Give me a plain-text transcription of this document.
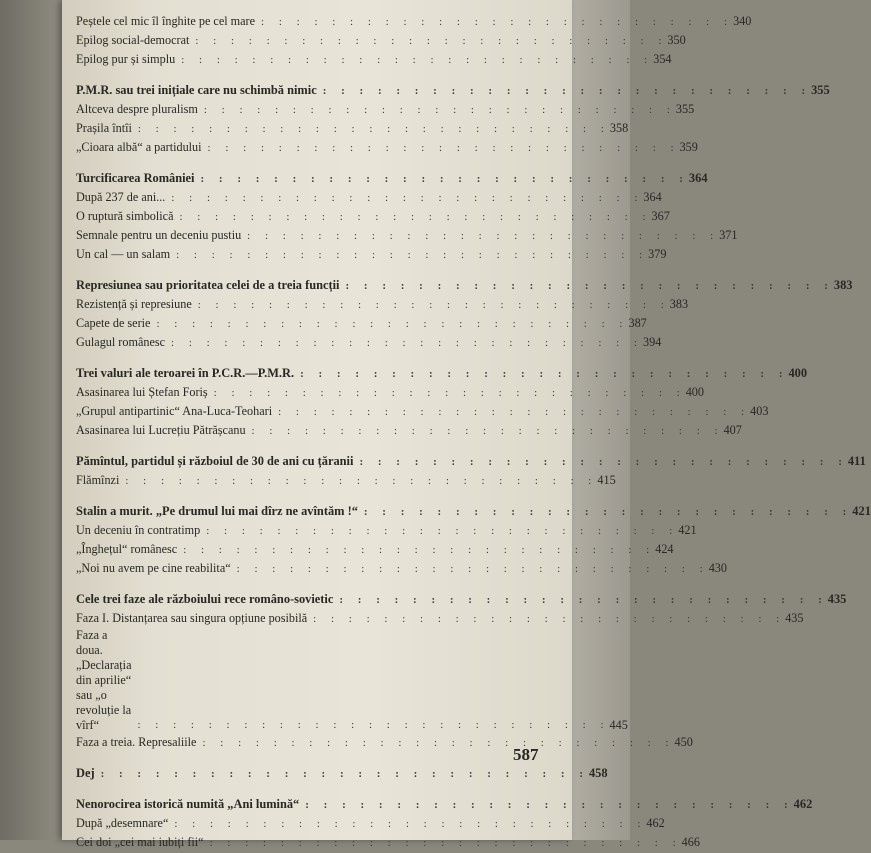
Peștele cel mic îl înghite pe cel mare : : : : : : : : : : : : : : : : : : : : : : : : : : : 340
Epilog social-democrat : : : : : : : : : : : : : : : : : : : : : : : : : : : 350
Epilog pur și simplu : : : : : : : : : : : : : : : : : : : : : : : : : : : 354
P.M.R. sau trei inițiale care nu schimbă nimic : : : : : : : : : : : : : : : : : : : : : : : : : : : 355
Altceva despre pluralism : : : : : : : : : : : : : : : : : : : : : : : : : : : 355
Prașila întîi : : : : : : : : : : : : : : : : : : : : : : : : : : : 358
„Cioara albă“ a partidului : : : : : : : : : : : : : : : : : : : : : : : : : : : 359
Turcificarea României : : : : : : : : : : : : : : : : : : : : : : : : : : : 364
După 237 de ani... : : : : : : : : : : : : : : : : : : : : : : : : : : : 364
O ruptură simbolică : : : : : : : : : : : : : : : : : : : : : : : : : : : 367
Semnale pentru un deceniu pustiu : : : : : : : : : : : : : : : : : : : : : : : : : : : 371
Un cal — un salam : : : : : : : : : : : : : : : : : : : : : : : : : : : 379
Represiunea sau prioritatea celei de a treia funcții : : : : : : : : : : : : : : : : : : : : : : : : : : : 383
Rezistență și represiune : : : : : : : : : : : : : : : : : : : : : : : : : : : 383
Capete de serie : : : : : : : : : : : : : : : : : : : : : : : : : : : 387
Gulagul românesc : : : : : : : : : : : : : : : : : : : : : : : : : : : 394
Trei valuri ale teroarei în P.C.R.—P.M.R. : : : : : : : : : : : : : : : : : : : : : : : : : : : 400
Asasinarea lui Ștefan Foriș : : : : : : : : : : : : : : : : : : : : : : : : : : : 400
„Grupul antipartinic“ Ana-Luca-Teohari : : : : : : : : : : : : : : : : : : : : : : : : : : : 403
Asasinarea lui Lucrețiu Pătrășcanu : : : : : : : : : : : : : : : : : : : : : : : : : : : 407
Pămîntul, partidul și războiul de 30 de ani cu țăranii : : : : : : : : : : : : : : : : : : : : : : : : : : : 411
Flămînzi : : : : : : : : : : : : : : : : : : : : : : : : : : : 415
Stalin a murit. „Pe drumul lui mai dîrz ne avîntăm !“ : : : : : : : : : : : : : : : : : : : : : : : : : : : 421
Un deceniu în contratimp : : : : : : : : : : : : : : : : : : : : : : : : : : : 421
„Înghețul“ românesc : : : : : : : : : : : : : : : : : : : : : : : : : : : 424
„Noi nu avem pe cine reabilita“ : : : : : : : : : : : : : : : : : : : : : : : : : : : 430
Cele trei faze ale războiului rece româno-sovietic : : : : : : : : : : : : : : : : : : : : : : : : : : : 435
Faza I. Distanțarea sau singura opțiune posibilă : : : : : : : : : : : : : : : : : : : : : : : : : : : 435
Faza a doua. „Declarația din aprilie“ sau „o revoluție la vîrf“	: : : : : : : : : : : : : : : : : : : : : : : : : : : 445
Faza a treia. Represaliile : : : : : : : : : : : : : : : : : : : : : : : : : : : 450
Dej : : : : : : : : : : : : : : : : : : : : : : : : : : : 458
Nenorocirea istorică numită „Ani lumină“ : : : : : : : : : : : : : : : : : : : : : : : : : : : 462
După „desemnare“ : : : : : : : : : : : : : : : : : : : : : : : : : : : 462
Cei doi „cei mai iubiți fii“ : : : : : : : : : : : : : : : : : : : : : : : : : : : 466
587
